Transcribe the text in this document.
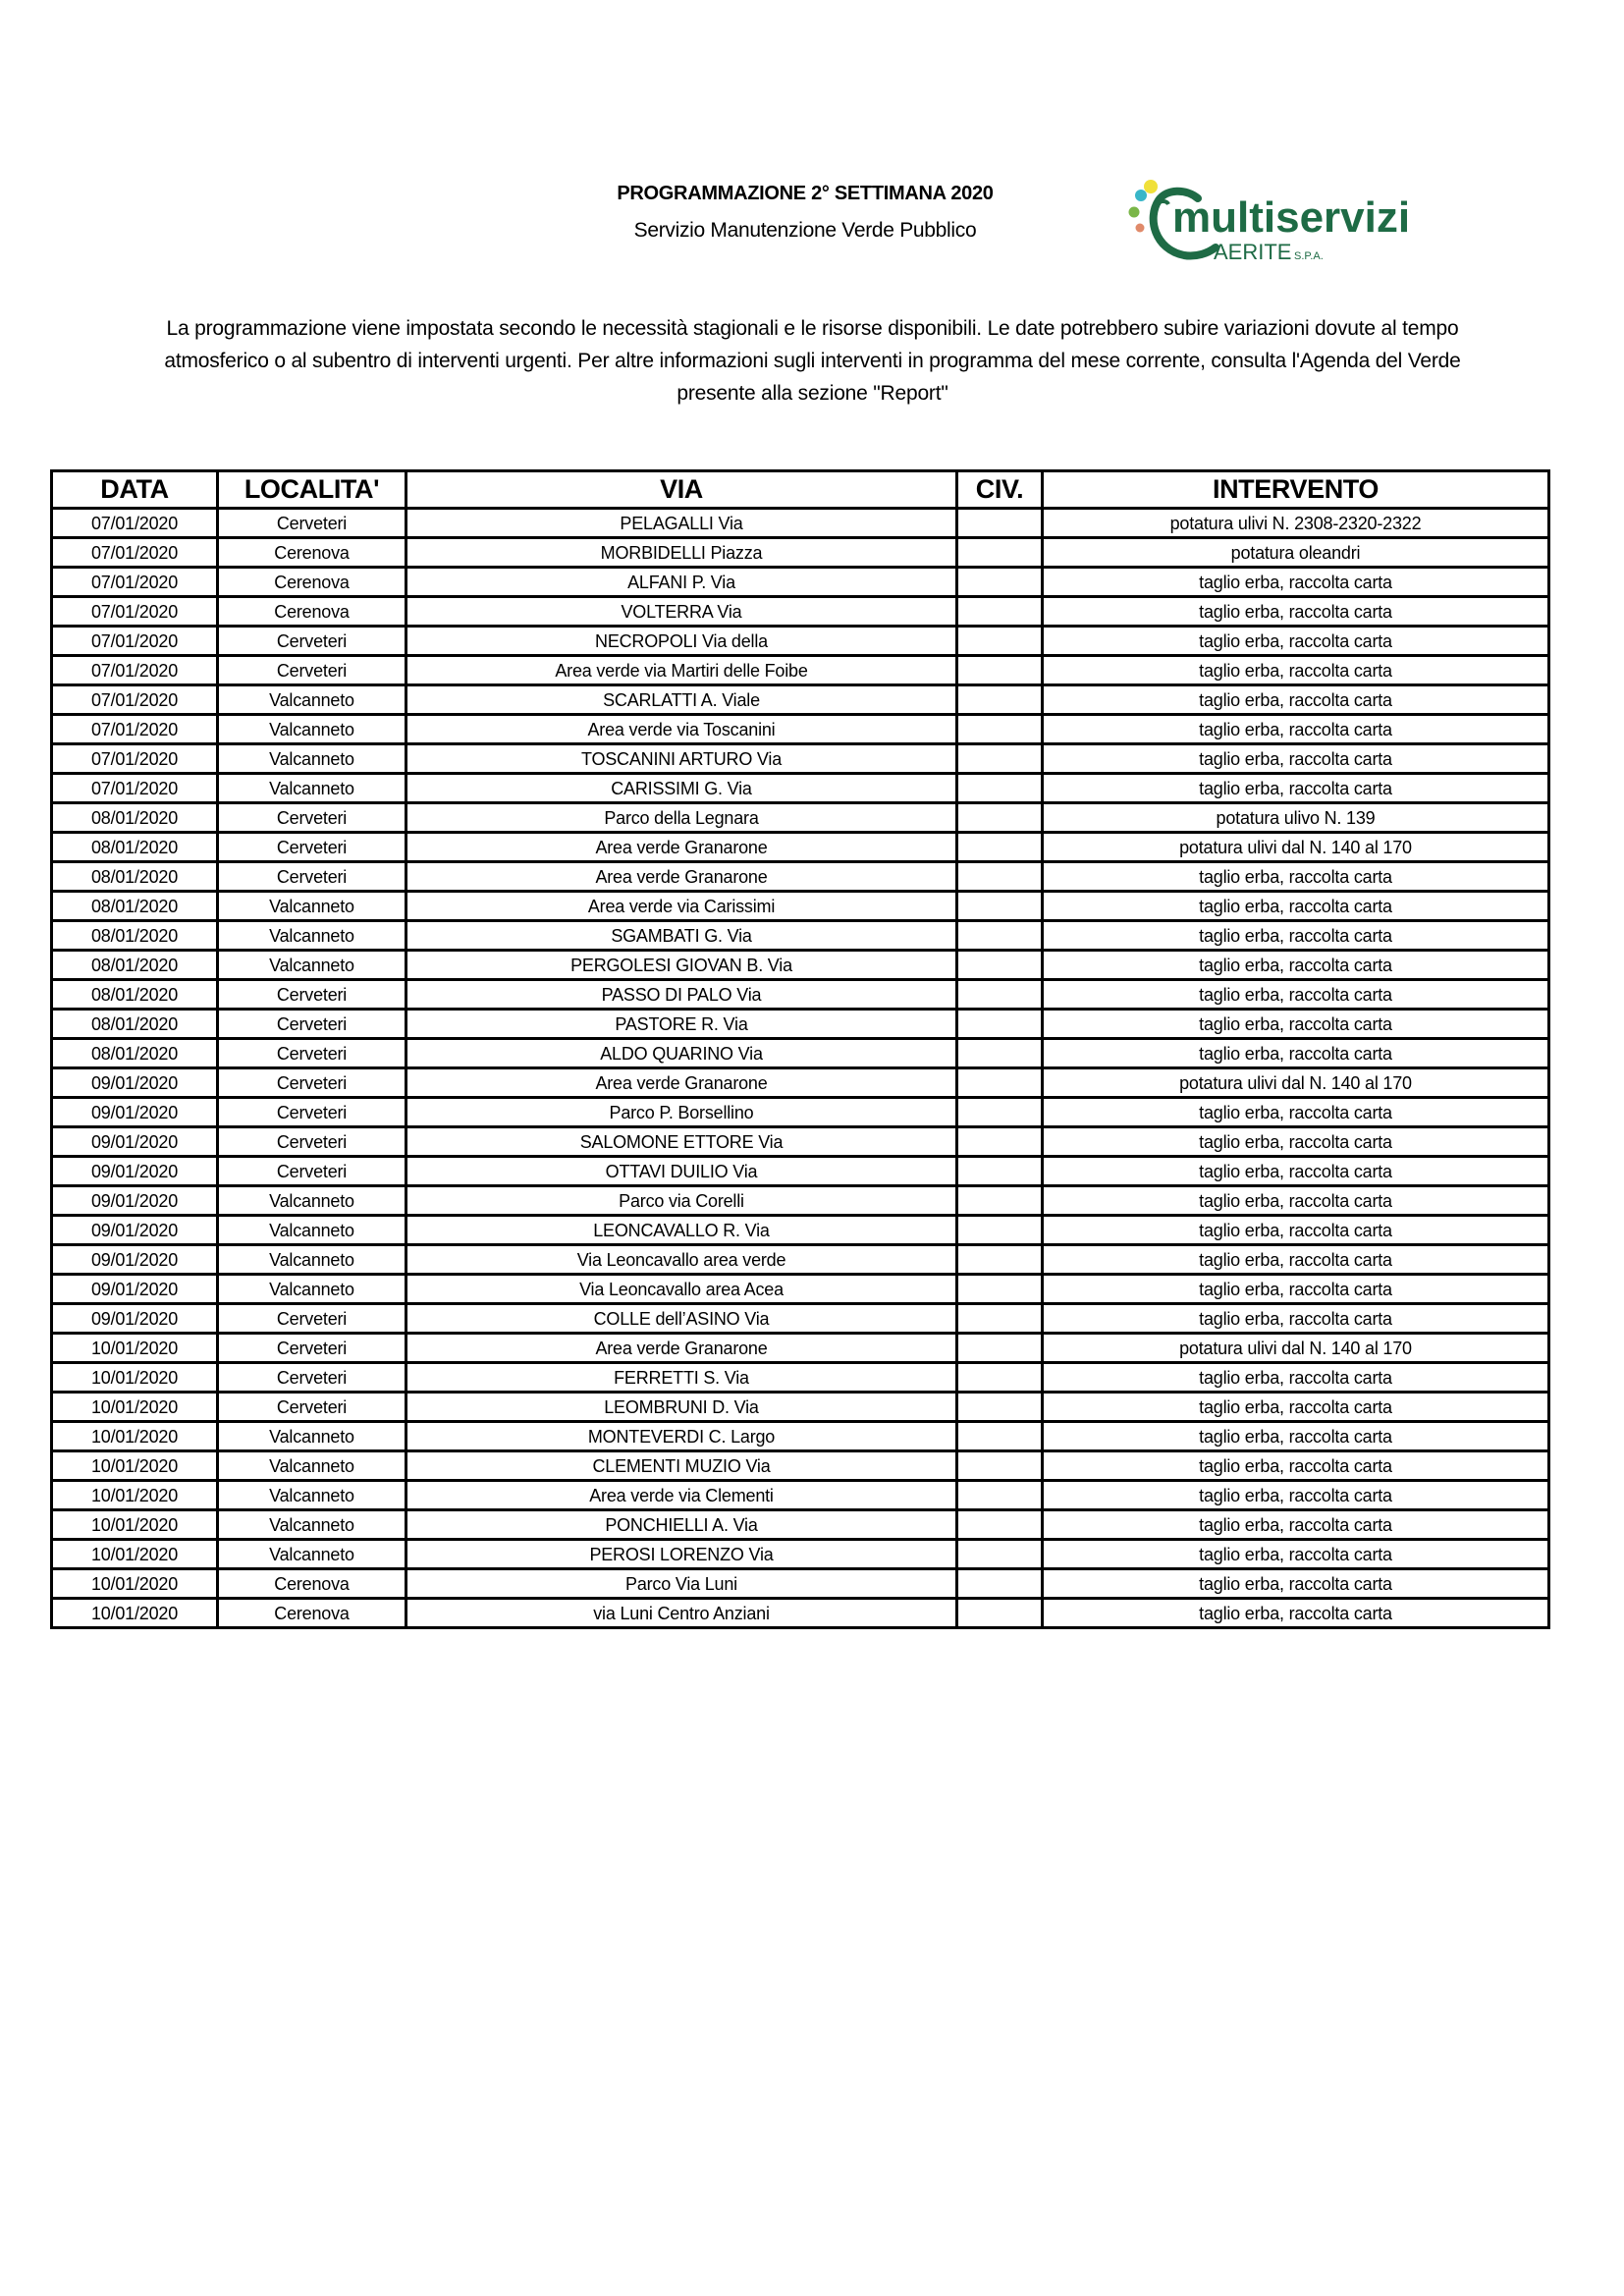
PROGRAMMAZIONE 2° SETTIMANA 2020
Servizio Manutenzione Verde Pubblico	multiservizi
AERITE S.P.A.
La programmazione viene impostata secondo le necessità stagionali e le risorse disponibili. Le date potrebbero subire variazioni dovute al tempo
atmosferico o al subentro di interventi urgenti. Per altre informazioni sugli interventi in programma del mese corrente, consulta l'Agenda del Verde
presente alla sezione "Report"
DATA	LOCALITA'	VIA	CIV.	INTERVENTO
07/01/2020	Cerveteri	PELAGALLI Via		potatura ulivi N. 2308-2320-2322
07/01/2020	Cerenova	MORBIDELLI Piazza		potatura oleandri
07/01/2020	Cerenova	ALFANI P. Via		taglio erba, raccolta carta
07/01/2020	Cerenova	VOLTERRA Via		taglio erba, raccolta carta
07/01/2020	Cerveteri	NECROPOLI Via della		taglio erba, raccolta carta
07/01/2020	Cerveteri	Area verde via Martiri delle Foibe		taglio erba, raccolta carta
07/01/2020	Valcanneto	SCARLATTI A. Viale		taglio erba, raccolta carta
07/01/2020	Valcanneto	Area verde via Toscanini		taglio erba, raccolta carta
07/01/2020	Valcanneto	TOSCANINI ARTURO Via		taglio erba, raccolta carta
07/01/2020	Valcanneto	CARISSIMI G. Via		taglio erba, raccolta carta
08/01/2020	Cerveteri	Parco della Legnara		potatura ulivo N. 139
08/01/2020	Cerveteri	Area verde Granarone		potatura ulivi dal N. 140 al 170
08/01/2020	Cerveteri	Area verde Granarone		taglio erba, raccolta carta
08/01/2020	Valcanneto	Area verde via Carissimi		taglio erba, raccolta carta
08/01/2020	Valcanneto	SGAMBATI G. Via		taglio erba, raccolta carta
08/01/2020	Valcanneto	PERGOLESI GIOVAN B. Via		taglio erba, raccolta carta
08/01/2020	Cerveteri	PASSO DI PALO Via		taglio erba, raccolta carta
08/01/2020	Cerveteri	PASTORE R. Via		taglio erba, raccolta carta
08/01/2020	Cerveteri	ALDO QUARINO Via		taglio erba, raccolta carta
09/01/2020	Cerveteri	Area verde Granarone		potatura ulivi dal N. 140 al 170
09/01/2020	Cerveteri	Parco P. Borsellino		taglio erba, raccolta carta
09/01/2020	Cerveteri	SALOMONE ETTORE Via		taglio erba, raccolta carta
09/01/2020	Cerveteri	OTTAVI DUILIO Via		taglio erba, raccolta carta
09/01/2020	Valcanneto	Parco via Corelli		taglio erba, raccolta carta
09/01/2020	Valcanneto	LEONCAVALLO R. Via		taglio erba, raccolta carta
09/01/2020	Valcanneto	Via Leoncavallo area verde		taglio erba, raccolta carta
09/01/2020	Valcanneto	Via Leoncavallo area Acea		taglio erba, raccolta carta
09/01/2020	Cerveteri	COLLE dell’ASINO Via		taglio erba, raccolta carta
10/01/2020	Cerveteri	Area verde Granarone		potatura ulivi dal N. 140 al 170
10/01/2020	Cerveteri	FERRETTI S. Via		taglio erba, raccolta carta
10/01/2020	Cerveteri	LEOMBRUNI D. Via		taglio erba, raccolta carta
10/01/2020	Valcanneto	MONTEVERDI C. Largo		taglio erba, raccolta carta
10/01/2020	Valcanneto	CLEMENTI MUZIO Via		taglio erba, raccolta carta
10/01/2020	Valcanneto	Area verde via Clementi		taglio erba, raccolta carta
10/01/2020	Valcanneto	PONCHIELLI A. Via		taglio erba, raccolta carta
10/01/2020	Valcanneto	PEROSI LORENZO Via		taglio erba, raccolta carta
10/01/2020	Cerenova	Parco Via Luni		taglio erba, raccolta carta
10/01/2020	Cerenova	via Luni Centro Anziani		taglio erba, raccolta carta
